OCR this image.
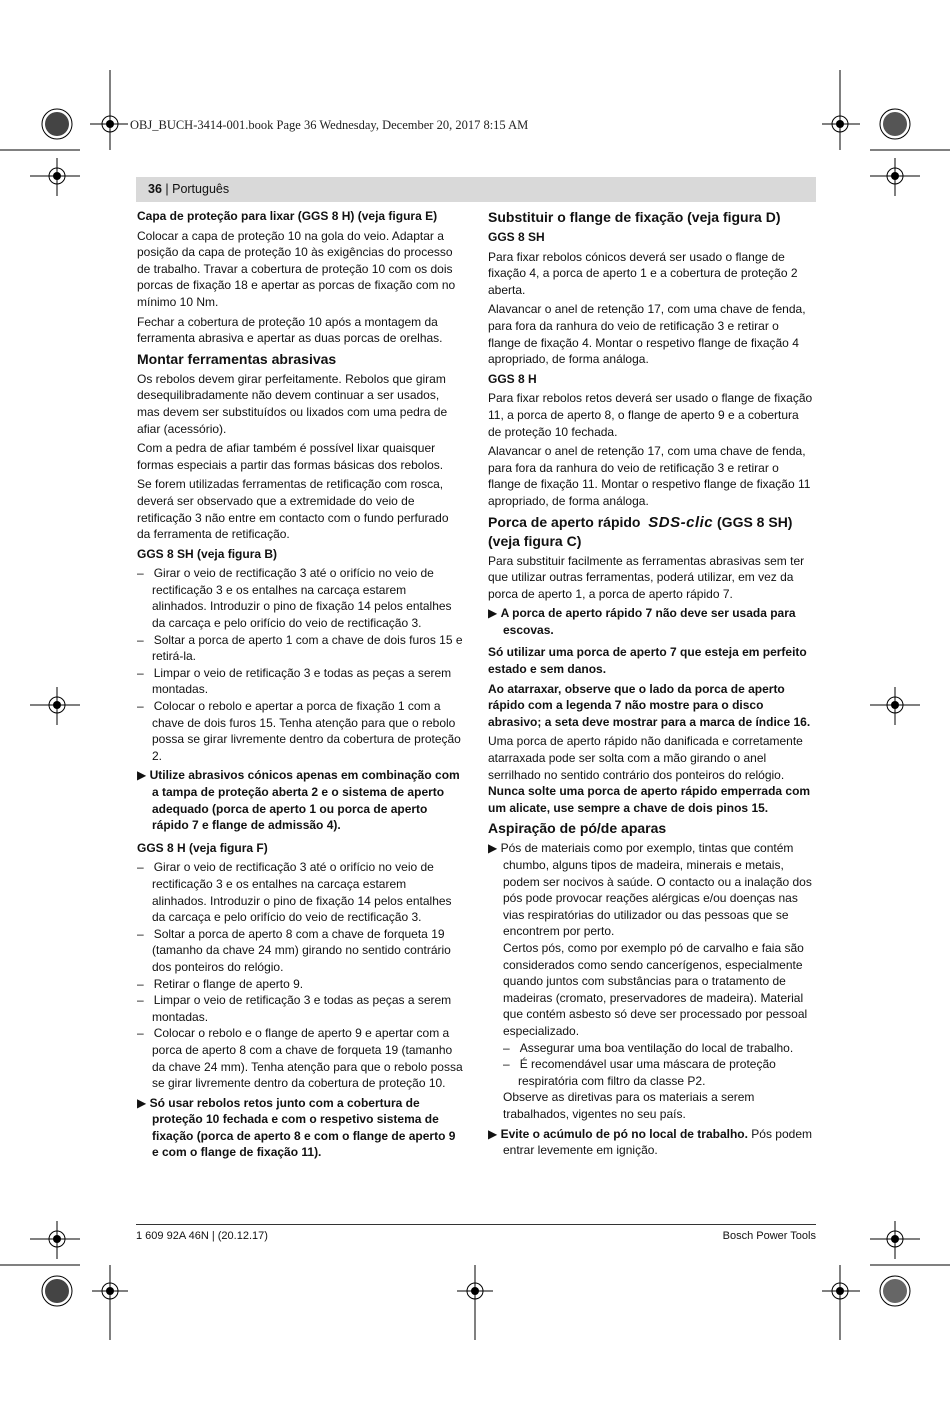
OBJ_BUCH-3414-001.book Page 36 Wednesday, December 20, 2017 8:15 AM
36 | Português

Capa de proteção para lixar (GGS 8 H) (veja figura E)

Colocar a capa de proteção 10 na gola do veio. Adaptar a posição da capa de proteção 10 às exigências do processo de trabalho. Travar a cobertura de proteção 10 com os dois porcas de fixação 18 e apertar as porcas de fixação com no mínimo 10 Nm.

Fechar a cobertura de proteção 10 após a montagem da ferramenta abrasiva e apertar as duas porcas de orelhas.

Montar ferramentas abrasivas

Os rebolos devem girar perfeitamente. Rebolos que giram desequilibradamente não devem continuar a ser usados, mas devem ser substituídos ou lixados com uma pedra de afiar (acessório).

Com a pedra de afiar também é possível lixar quaisquer formas especiais a partir das formas básicas dos rebolos.

Se forem utilizadas ferramentas de retificação com rosca, deverá ser observado que a extremidade do veio de retificação 3 não entre em contacto com o fundo perfurado da ferramenta de retificação.

GGS 8 SH (veja figura B)

–   Girar o veio de rectificação 3 até o orifício no veio de rectificação 3 e os entalhes na carcaça estarem alinhados. Introduzir o pino de fixação 14 pelos entalhes da carcaça e pelo orifício do veio de rectificação 3.

–   Soltar a porca de aperto 1 com a chave de dois furos 15 e retirá-la.

–   Limpar o veio de retificação 3 e todas as peças a serem montadas.

–   Colocar o rebolo e apertar a porca de fixação 1 com a chave de dois furos 15. Tenha atenção para que o rebolo possa se girar livremente dentro da cobertura de proteção 2.

▶ Utilize abrasivos cónicos apenas em combinação com a tampa de proteção aberta 2 e o sistema de aperto adequado (porca de aperto 1 ou porca de aperto rápido 7 e flange de admissão 4).

GGS 8 H (veja figura F)

–   Girar o veio de rectificação 3 até o orifício no veio de rectificação 3 e os entalhes na carcaça estarem alinhados. Introduzir o pino de fixação 14 pelos entalhes da carcaça e pelo orifício do veio de rectificação 3.

–   Soltar a porca de aperto 8 com a chave de forqueta 19 (tamanho da chave 24 mm) girando no sentido contrário dos ponteiros do relógio.

–   Retirar o flange de aperto 9.

–   Limpar o veio de retificação 3 e todas as peças a serem montadas.

–   Colocar o rebolo e o flange de aperto 9 e apertar com a porca de aperto 8 com a chave de forqueta 19 (tamanho da chave 24 mm). Tenha atenção para que o rebolo possa se girar livremente dentro da cobertura de proteção 10.

▶ Só usar rebolos retos junto com a cobertura de proteção 10 fechada e com o respetivo sistema de fixação (porca de aperto 8 e com o flange de aperto 9 e com o flange de fixação 11).

Substituir o flange de fixação (veja figura D)

GGS 8 SH

Para fixar rebolos cónicos deverá ser usado o flange de fixação 4, a porca de aperto 1 e a cobertura de proteção 2 aberta.

Alavancar o anel de retenção 17, com uma chave de fenda, para fora da ranhura do veio de retificação 3 e retirar o flange de fixação 4. Montar o respetivo flange de fixação 4 apropriado, de forma análoga.

GGS 8 H

Para fixar rebolos retos deverá ser usado o flange de fixação 11, a porca de aperto 8, o flange de aperto 9 e a cobertura de proteção 10 fechada.

Alavancar o anel de retenção 17, com uma chave de fenda, para fora da ranhura do veio de retificação 3 e retirar o flange de fixação 11. Montar o respetivo flange de fixação 11 apropriado, de forma análoga.

Porca de aperto rápido SDS-clic (GGS 8 SH) (veja figura C)

Para substituir facilmente as ferramentas abrasivas sem ter que utilizar outras ferramentas, poderá utilizar, em vez da porca de aperto 1, a porca de aperto rápido 7.

▶ A porca de aperto rápido 7 não deve ser usada para escovas.

Só utilizar uma porca de aperto 7 que esteja em perfeito estado e sem danos.

Ao atarraxar, observe que o lado da porca de aperto rápido com a legenda 7 não mostre para o disco abrasivo; a seta deve mostrar para a marca de índice 16.

Uma porca de aperto rápido não danificada e corretamente atarraxada pode ser solta com a mão girando o anel serrilhado no sentido contrário dos ponteiros do relógio. Nunca solte uma porca de aperto rápido emperrada com um alicate, use sempre a chave de dois pinos 15.

Aspiração de pó/de aparas

▶ Pós de materiais como por exemplo, tintas que contém chumbo, alguns tipos de madeira, minerais e metais, podem ser nocivos à saúde. O contacto ou a inalação dos pós pode provocar reações alérgicas e/ou doenças nas vias respiratórias do utilizador ou das pessoas que se encontrem por perto.

Certos pós, como por exemplo pó de carvalho e faia são considerados como sendo cancerígenos, especialmente quando juntos com substâncias para o tratamento de madeiras (cromato, preservadores de madeira). Material que contém asbesto só deve ser processado por pessoal especializado.

–   Assegurar uma boa ventilação do local de trabalho.

–   É recomendável usar uma máscara de proteção respiratória com filtro da classe P2.

Observe as diretivas para os materiais a serem trabalhados, vigentes no seu país.

▶ Evite o acúmulo de pó no local de trabalho. Pós podem entrar levemente em ignição.

1 609 92A 46N | (20.12.17)	Bosch Power Tools
